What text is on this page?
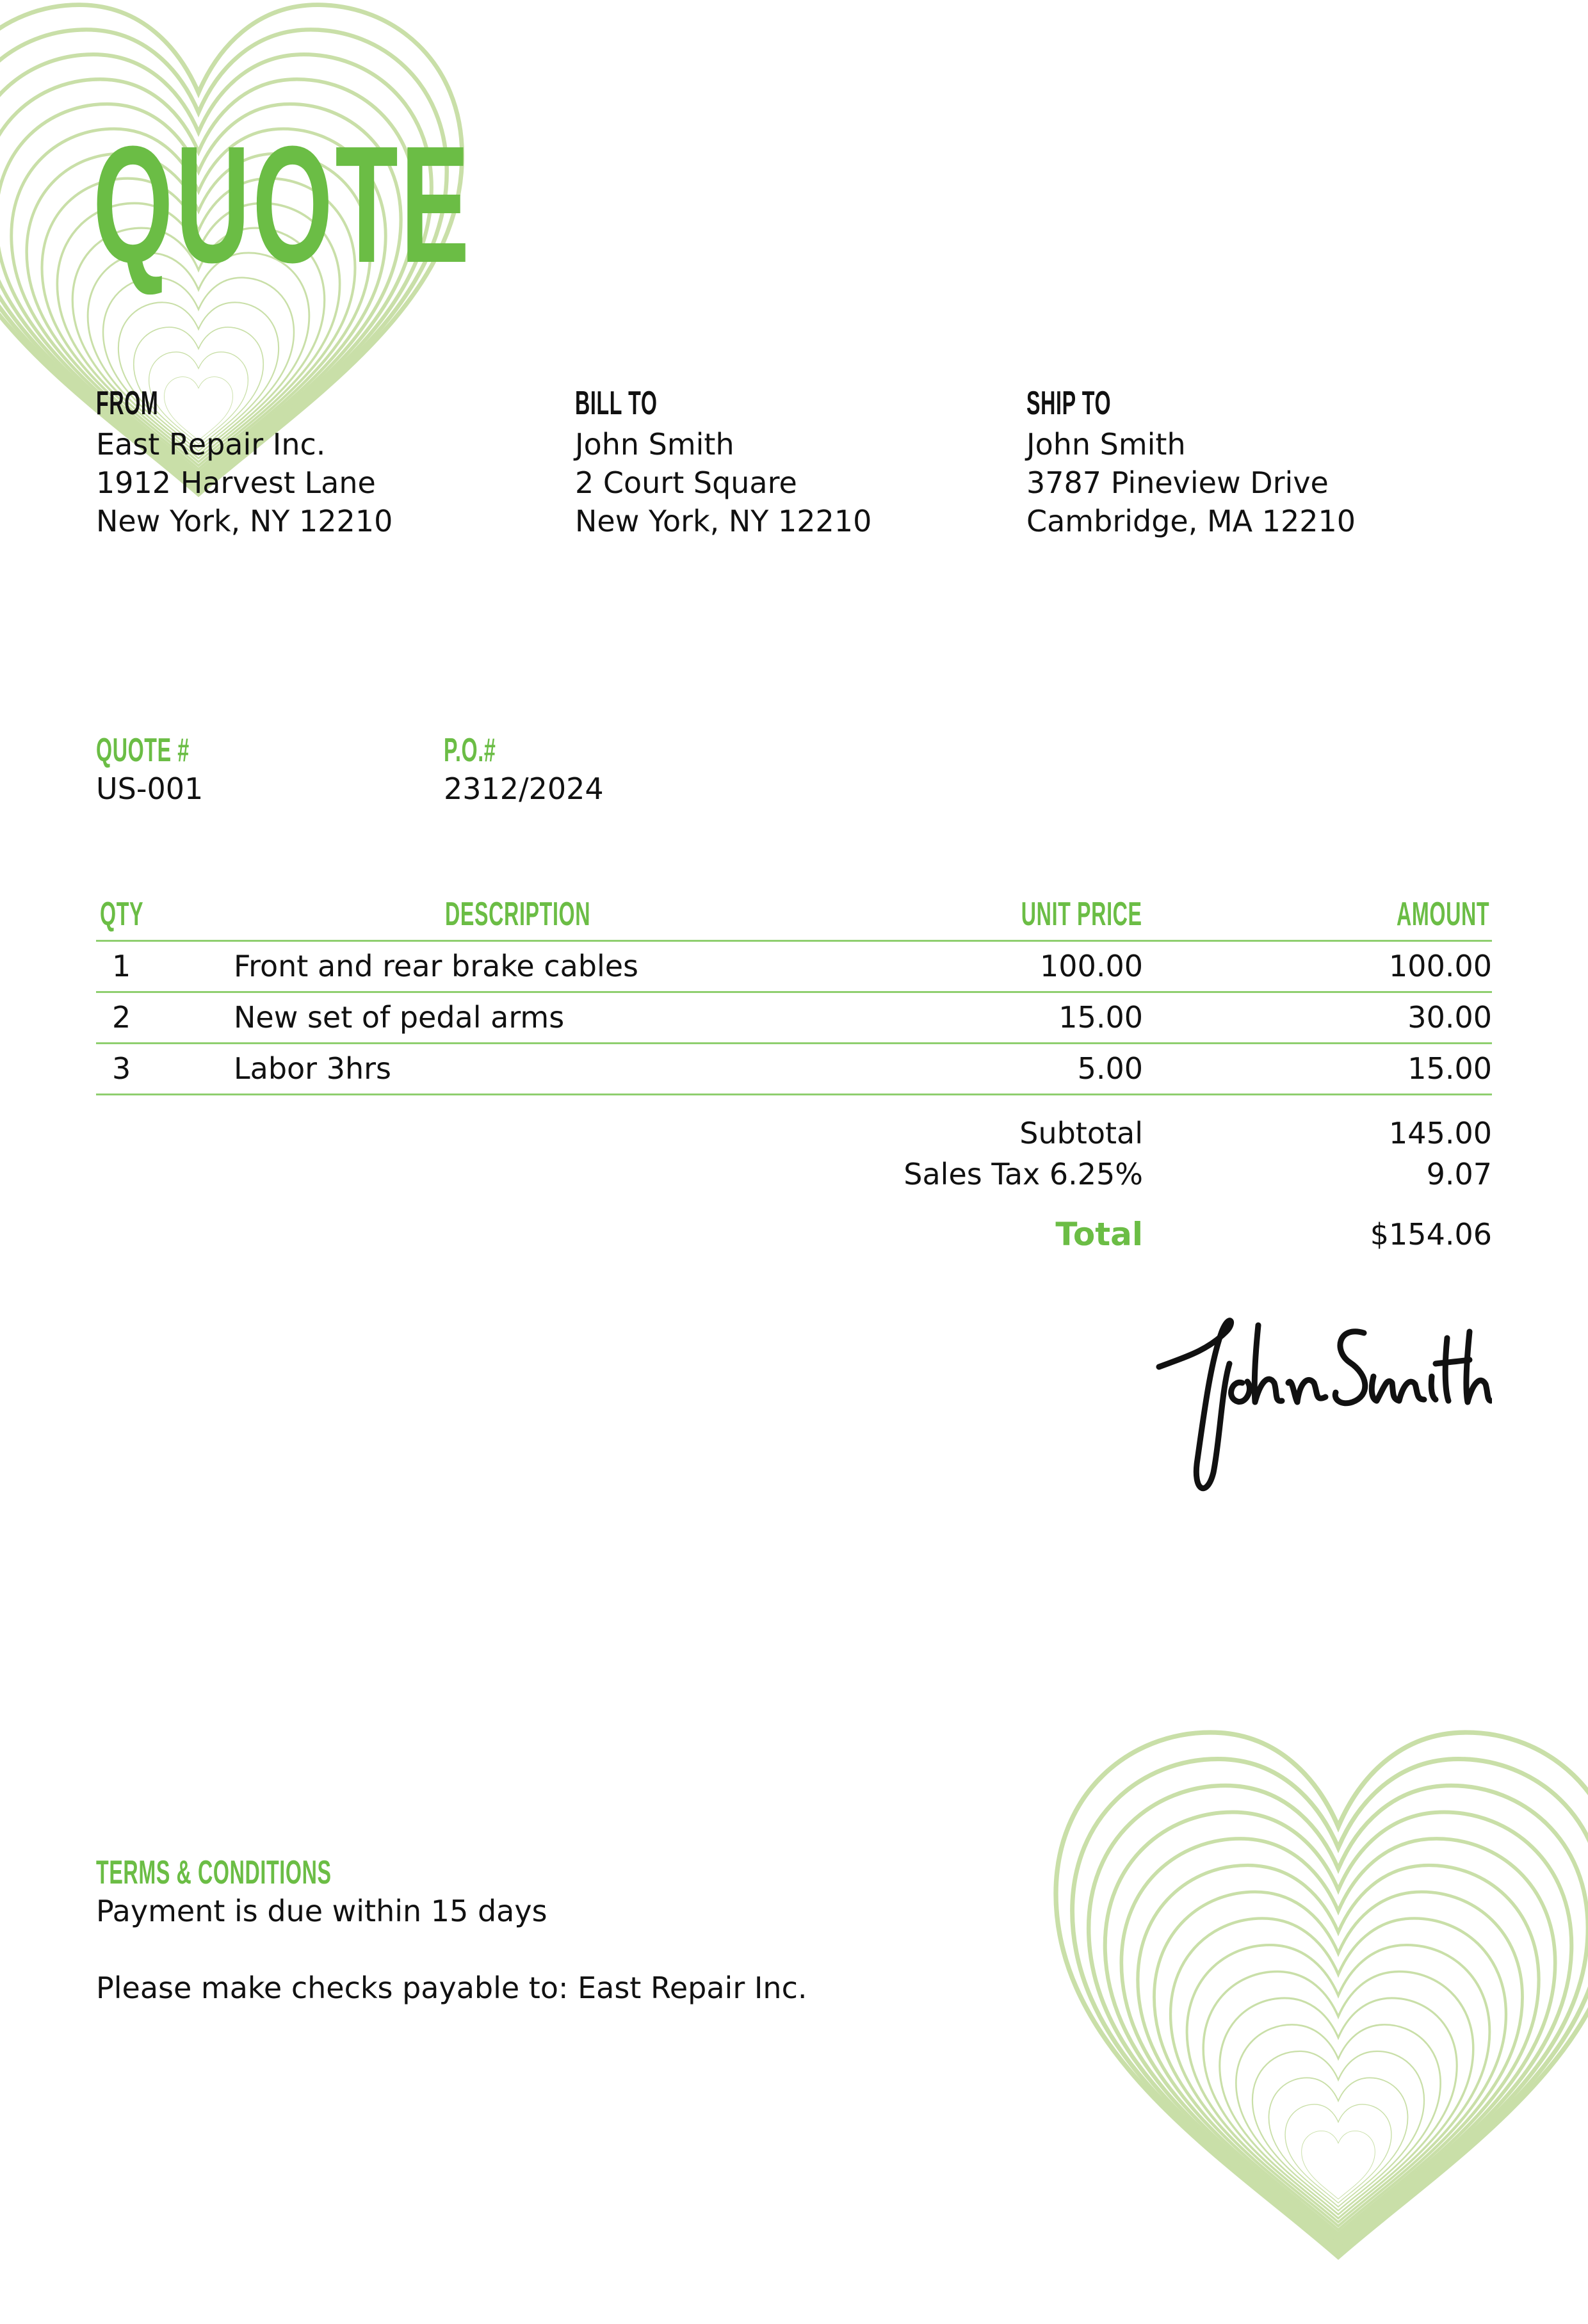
QUOTE
FROM
East Repair Inc.
1912 Harvest Lane
New York, NY 12210
BILL TO
John Smith
2 Court Square
New York, NY 12210
SHIP TO
John Smith
3787 Pineview Drive
Cambridge, MA 12210
QUOTE #
US-001
P.O.#
2312/2024
QTY	DESCRIPTION	UNIT PRICE	AMOUNT
1	Front and rear brake cables	100.00	100.00
2	New set of pedal arms	15.00	30.00
3	Labor 3hrs	5.00	15.00
Subtotal	145.00
Sales Tax 6.25%	9.07
Total	$154.06
TERMS & CONDITIONS
Payment is due within 15 days
Please make checks payable to: East Repair Inc.
